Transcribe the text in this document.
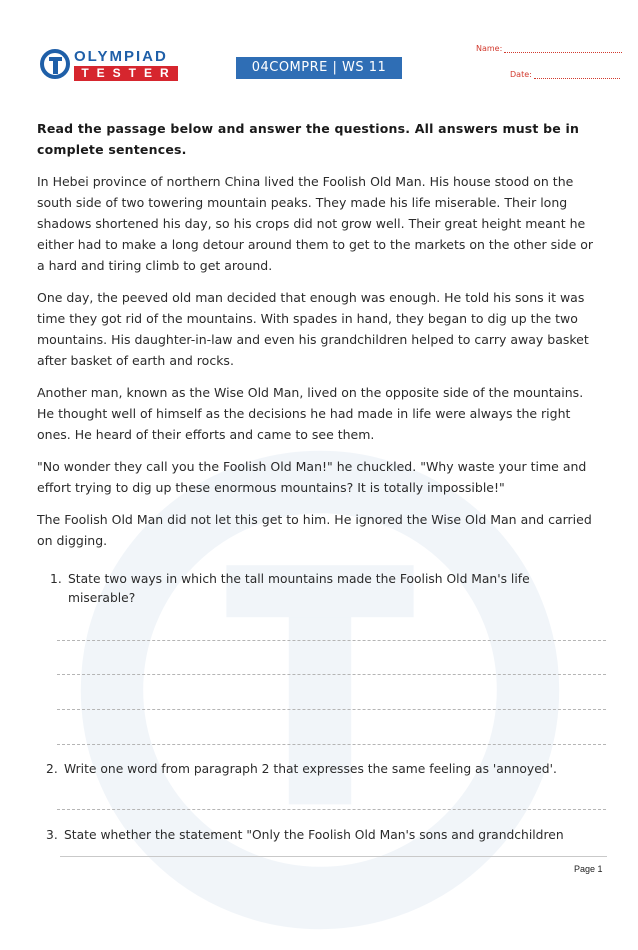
OLYMPIAD
TESTER	04COMPRE | WS 11
Name:
Date:

Read the passage below and answer the questions. All answers must be in complete sentences.

In Hebei province of northern China lived the Foolish Old Man. His house stood on the south side of two towering mountain peaks. They made his life miserable. Their long shadows shortened his day, so his crops did not grow well. Their great height meant he either had to make a long detour around them to get to the markets on the other side or a hard and tiring climb to get around.

One day, the peeved old man decided that enough was enough. He told his sons it was time they got rid of the mountains. With spades in hand, they began to dig up the two mountains. His daughter-in-law and even his grandchildren helped to carry away basket after basket of earth and rocks.

Another man, known as the Wise Old Man, lived on the opposite side of the mountains. He thought well of himself as the decisions he had made in life were always the right ones. He heard of their efforts and came to see them.

"No wonder they call you the Foolish Old Man!" he chuckled. "Why waste your time and effort trying to dig up these enormous mountains? It is totally impossible!"

The Foolish Old Man did not let this get to him. He ignored the Wise Old Man and carried on digging.

1. State two ways in which the tall mountains made the Foolish Old Man's life miserable?
2. Write one word from paragraph 2 that expresses the same feeling as 'annoyed'.
3. State whether the statement "Only the Foolish Old Man's sons and grandchildren
Page 1
